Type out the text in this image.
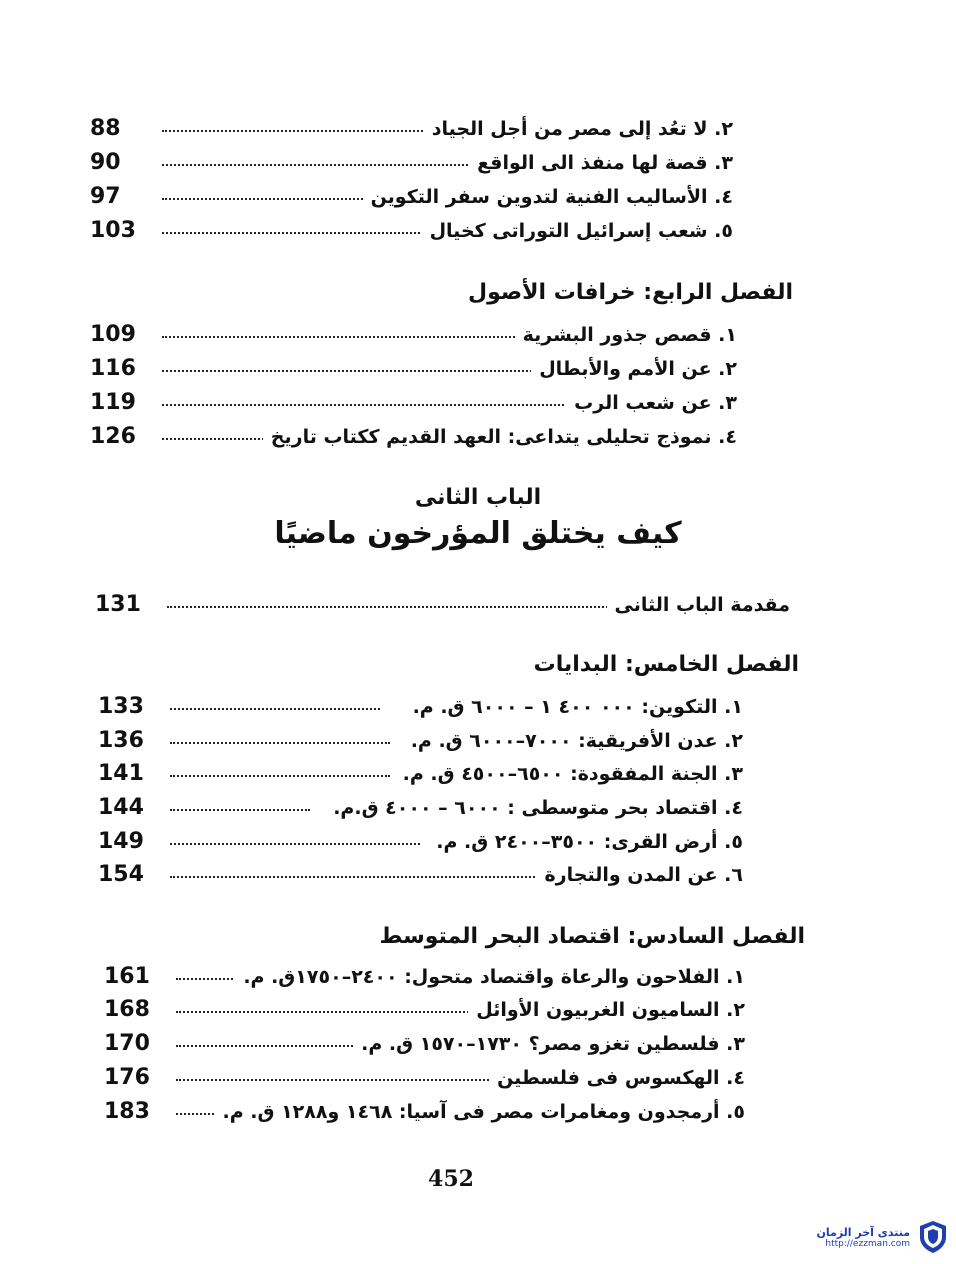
88	٢. لا تعُد إلى مصر من أجل الجياد
90	٣. قصة لها منفذ الى الواقع
97	٤. الأساليب الفنية لتدوين سفر التكوين
103	٥. شعب إسرائيل التوراتى كخيال
الفصل الرابع: خرافات الأصول
109	١. قصص جذور البشرية
116	٢. عن الأمم والأبطال
119	٣. عن شعب الرب
126	٤. نموذج تحليلى يتداعى: العهد القديم ككتاب تاريخ
الباب الثانى
كيف يختلق المؤرخون ماضيًا
131	مقدمة الباب الثانى
الفصل الخامس: البدايات
133	١. التكوين: ٠٠٠ ٤٠٠ ١ – ٦٠٠٠ ق. م.
136	٢. عدن الأفريقية: ٧٠٠٠–٦٠٠٠ ق. م.
141	٣. الجنة المفقودة: ٦٥٠٠–٤٥٠٠ ق. م.
144	٤. اقتصاد بحر متوسطى : ٦٠٠٠ – ٤٠٠٠ ق.م.
149	٥. أرض القرى: ٣٥٠٠–٢٤٠٠ ق. م.
154	٦. عن المدن والتجارة
الفصل السادس: اقتصاد البحر المتوسط
161	١. الفلاحون والرعاة واقتصاد متحول: ٢٤٠٠–١٧٥٠ق. م.
168	٢. الساميون الغربيون الأوائل
170	٣. فلسطين تغزو مصر؟ ١٧٣٠–١٥٧٠ ق. م.
176	٤. الهكسوس فى فلسطين
183	٥. أرمجدون ومغامرات مصر فى آسيا: ١٤٦٨ و١٢٨٨ ق. م.
452
منتدى آخر الزمان
http://ezzman.com
